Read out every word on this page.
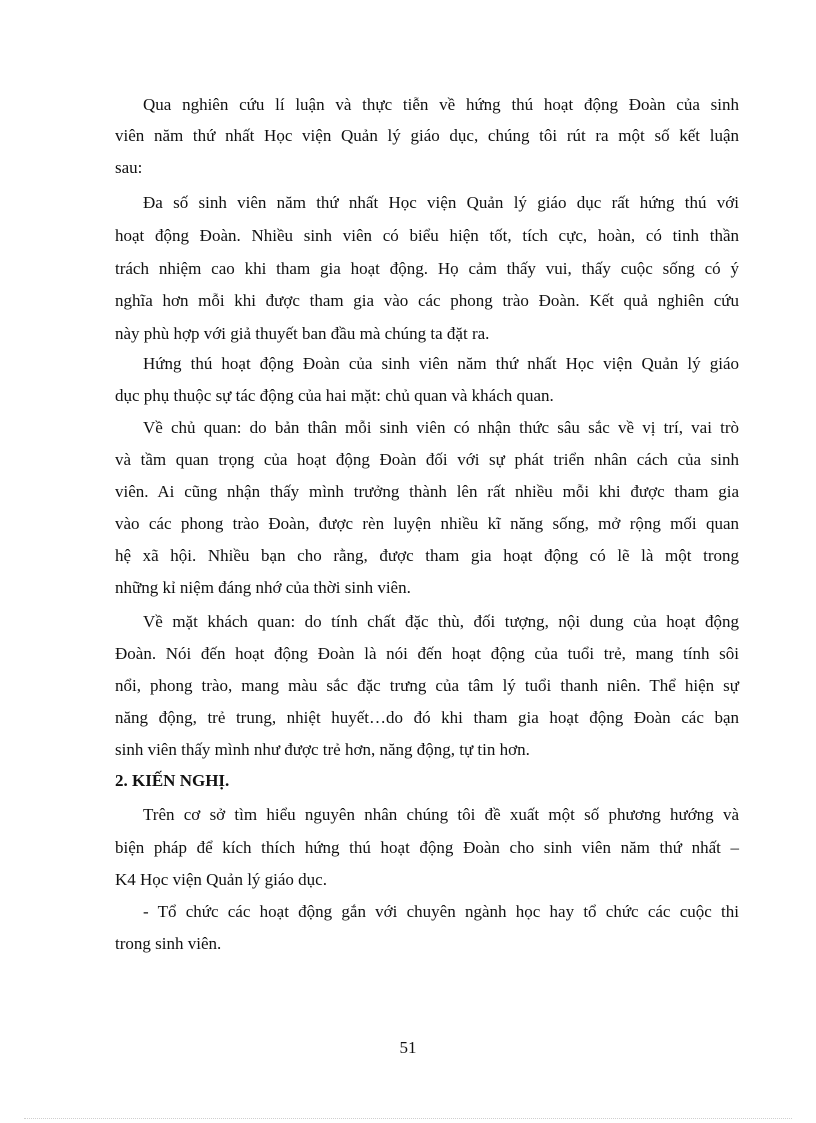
Qua nghiên cứu lí luận và thực tiễn về hứng thú hoạt động Đoàn của sinh
viên năm thứ nhất Học viện Quản lý giáo dục, chúng tôi rút ra một số kết luận
sau:
Đa số sinh viên năm thứ nhất Học viện Quản lý giáo dục rất hứng thú với
hoạt động Đoàn. Nhiều sinh viên có biểu hiện tốt, tích cực, hoàn, có tinh thần
trách nhiệm cao khi tham gia hoạt động. Họ cảm thấy vui, thấy cuộc sống có ý
nghĩa hơn mỗi khi được tham gia vào các phong trào Đoàn. Kết quả nghiên cứu
này phù hợp với giả thuyết ban đầu mà chúng ta đặt ra.
Hứng thú hoạt động Đoàn của sinh viên năm thứ nhất Học viện Quản lý giáo
dục phụ thuộc sự tác động của hai mặt: chủ quan và khách quan.
Về chủ quan: do bản thân mỗi sinh viên có nhận thức sâu sắc về vị trí, vai trò
và tầm quan trọng của hoạt động Đoàn đối với sự phát triển nhân cách của sinh
viên. Ai cũng nhận thấy mình trưởng thành lên rất nhiều mỗi khi được tham gia
vào các phong trào Đoàn, được rèn luyện nhiều kĩ năng sống, mở rộng mối quan
hệ xã hội. Nhiều bạn cho rằng, được tham gia hoạt động có lẽ là một trong
những kỉ niệm đáng nhớ của thời sinh viên.
Về mặt khách quan: do tính chất đặc thù, đối tượng, nội dung của hoạt động
Đoàn. Nói đến hoạt động Đoàn là nói đến hoạt động của tuổi trẻ, mang tính sôi
nổi, phong trào, mang màu sắc đặc trưng của tâm lý tuổi thanh niên. Thể hiện sự
năng động, trẻ trung, nhiệt huyết…do đó khi tham gia hoạt động Đoàn các bạn
sinh viên thấy mình như được trẻ hơn, năng động, tự tin hơn.
2. KIẾN NGHỊ.
Trên cơ sở tìm hiểu nguyên nhân chúng tôi đề xuất một số phương hướng và
biện pháp để kích thích hứng thú hoạt động Đoàn cho sinh viên năm thứ nhất –
K4 Học viện Quản lý giáo dục.
- Tổ chức các hoạt động gắn với chuyên ngành học hay tổ chức các cuộc thi
trong sinh viên.
51
